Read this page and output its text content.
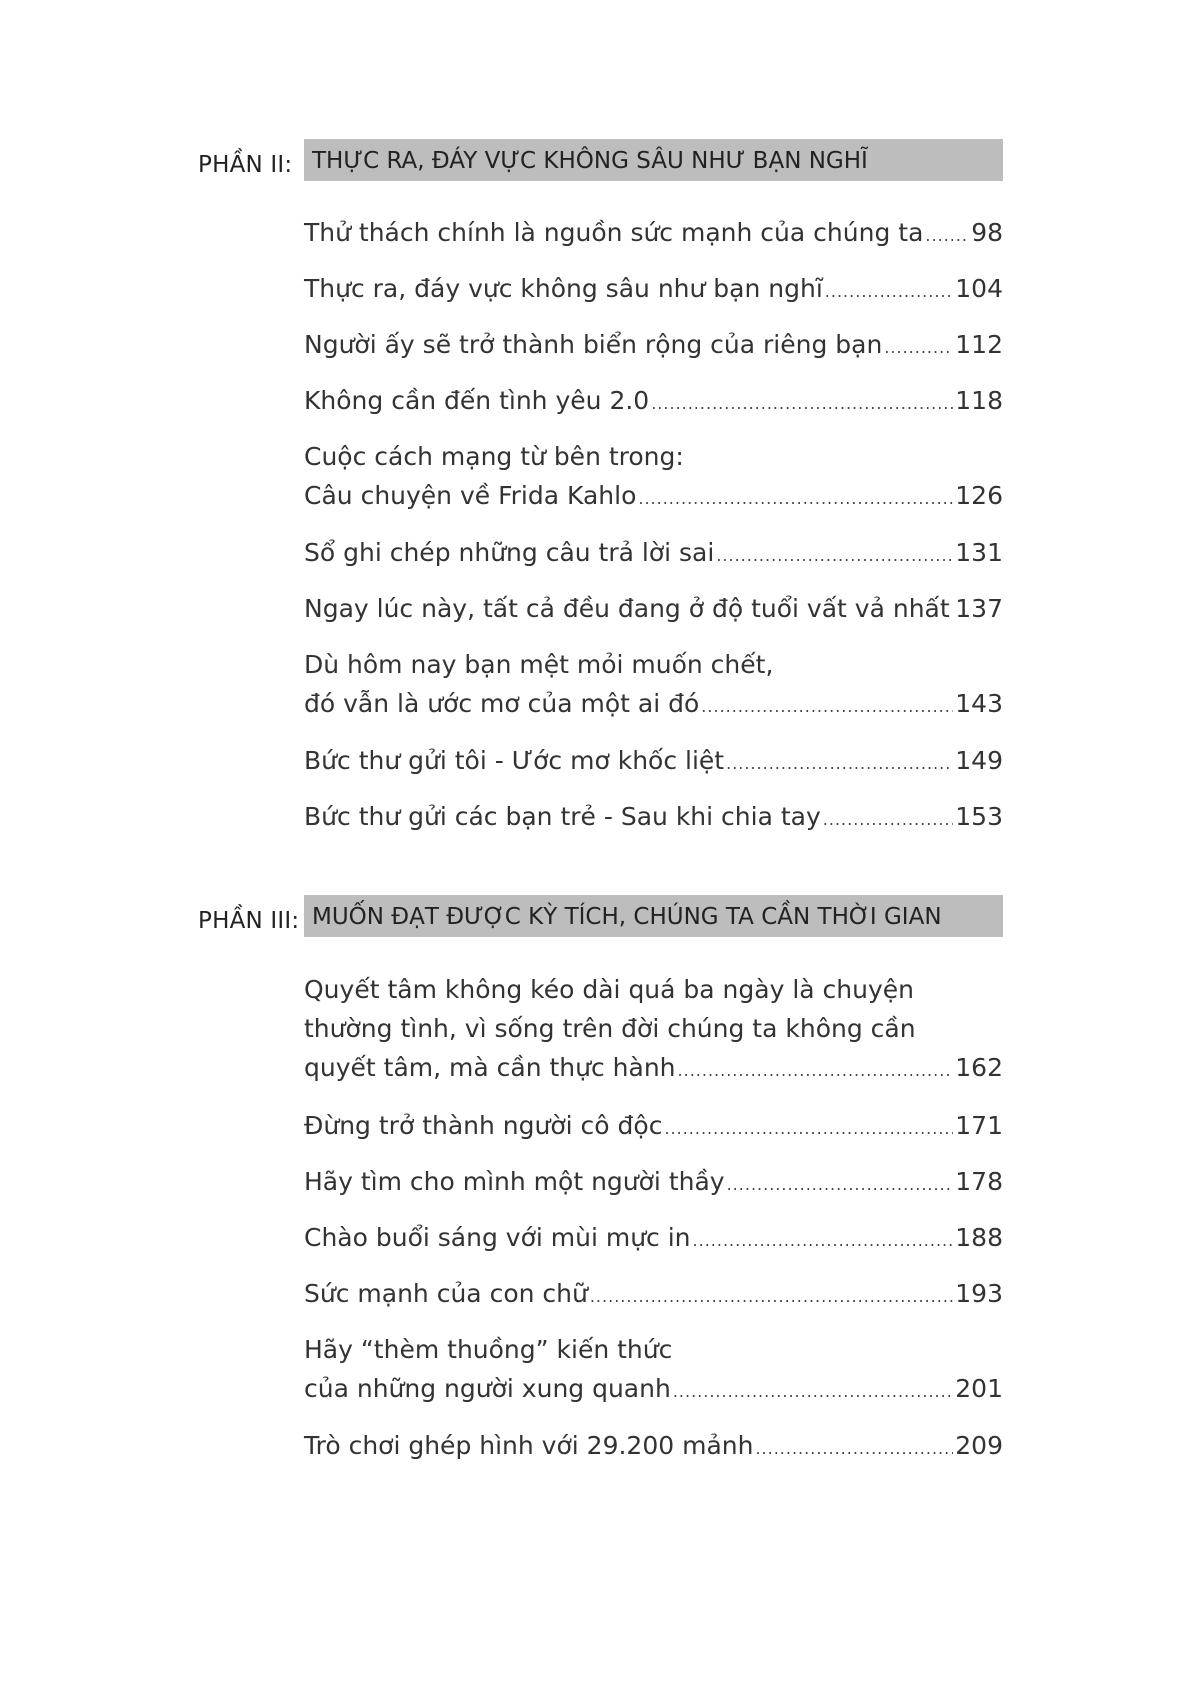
PHẦN II: THỰC RA, ĐÁY VỰC KHÔNG SÂU NHƯ BẠN NGHĨ
Thử thách chính là nguồn sức mạnh của chúng ta ..... 98
Thực ra, đáy vực không sâu như bạn nghĩ .....	104
Người ấy sẽ trở thành biển rộng của riêng bạn .....	112
Không cần đến tình yêu 2.0 .....	118
Cuộc cách mạng từ bên trong:
Câu chuyện về Frida Kahlo .....	126
Sổ ghi chép những câu trả lời sai .....	131
Ngay lúc này, tất cả đều đang ở độ tuổi vất vả nhất ..... 137
Dù hôm nay bạn mệt mỏi muốn chết,
đó vẫn là ước mơ của một ai đó .....	143
Bức thư gửi tôi - Ước mơ khốc liệt .....	149
Bức thư gửi các bạn trẻ - Sau khi chia tay .....	153
PHẦN III: MUỐN ĐẠT ĐƯỢC KỲ TÍCH, CHÚNG TA CẦN THỜI GIAN
Quyết tâm không kéo dài quá ba ngày là chuyện
thường tình, vì sống trên đời chúng ta không cần
quyết tâm, mà cần thực hành .....	162
Đừng trở thành người cô độc .....	171
Hãy tìm cho mình một người thầy .....	178
Chào buổi sáng với mùi mực in .....	188
Sức mạnh của con chữ .....	193
Hãy “thèm thuồng” kiến thức
của những người xung quanh .....	201
Trò chơi ghép hình với 29.200 mảnh .....	209
